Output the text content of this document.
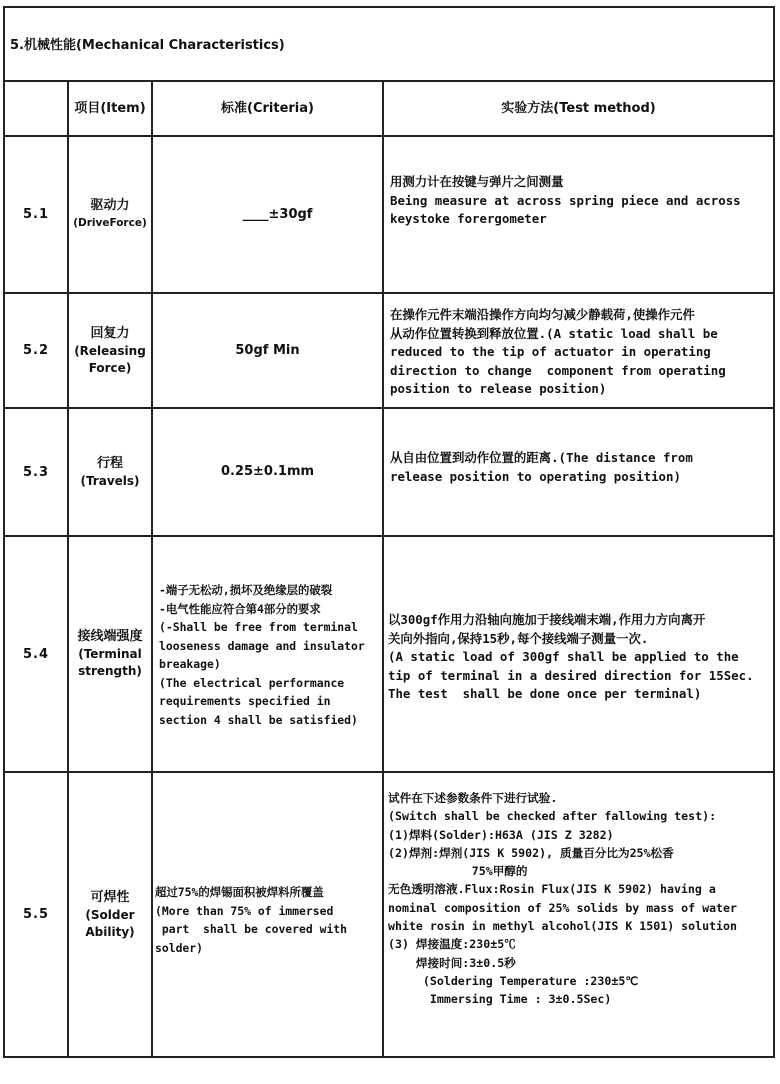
5.机械性能(Mechanical Characteristics)
项目(Item)	标准(Criteria)	实验方法(Test method)
5.1
驱动力
(DriveForce)
____±30gf
用测力计在按键与弹片之间测量
Being measure at across spring piece and across
keystoke forergometer
5.2
回复力
(Releasing
Force)
50gf Min
在操作元件末端沿操作方向均匀减少静载荷,使操作元件
从动作位置转换到释放位置.(A static load shall be
reduced to the tip of actuator in operating
direction to change  component from operating
position to release position)
5.3
行程
(Travels)
0.25±0.1mm
从自由位置到动作位置的距离.(The distance from
release position to operating position)
5.4
接线端强度
(Terminal
strength)
-端子无松动,损坏及绝缘层的破裂
-电气性能应符合第4部分的要求
(-Shall be free from terminal
looseness damage and insulator
breakage)
(The electrical performance
requirements specified in
section 4 shall be satisfied)
以300gf作用力沿轴向施加于接线端末端,作用力方向离开
关向外指向,保持15秒,每个接线端子测量一次.
(A static load of 300gf shall be applied to the
tip of terminal in a desired direction for 15Sec.
The test  shall be done once per terminal)
5.5
可焊性
(Solder
Ability)
超过75%的焊锡面积被焊料所覆盖
(More than 75% of immersed
part  shall be covered with
solder)
试件在下述参数条件下进行试验.
(Switch shall be checked after fallowing test):
(1)焊料(Solder):H63A (JIS Z 3282)
(2)焊剂:焊剂(JIS K 5902), 质量百分比为25%松香
75%甲醇的
无色透明溶液.Flux:Rosin Flux(JIS K 5902) having a
nominal composition of 25% solids by mass of water
white rosin in methyl alcohol(JIS K 1501) solution
(3) 焊接温度:230±5℃
焊接时间:3±0.5秒
(Soldering Temperature :230±5℃
Immersing Time : 3±0.5Sec)
